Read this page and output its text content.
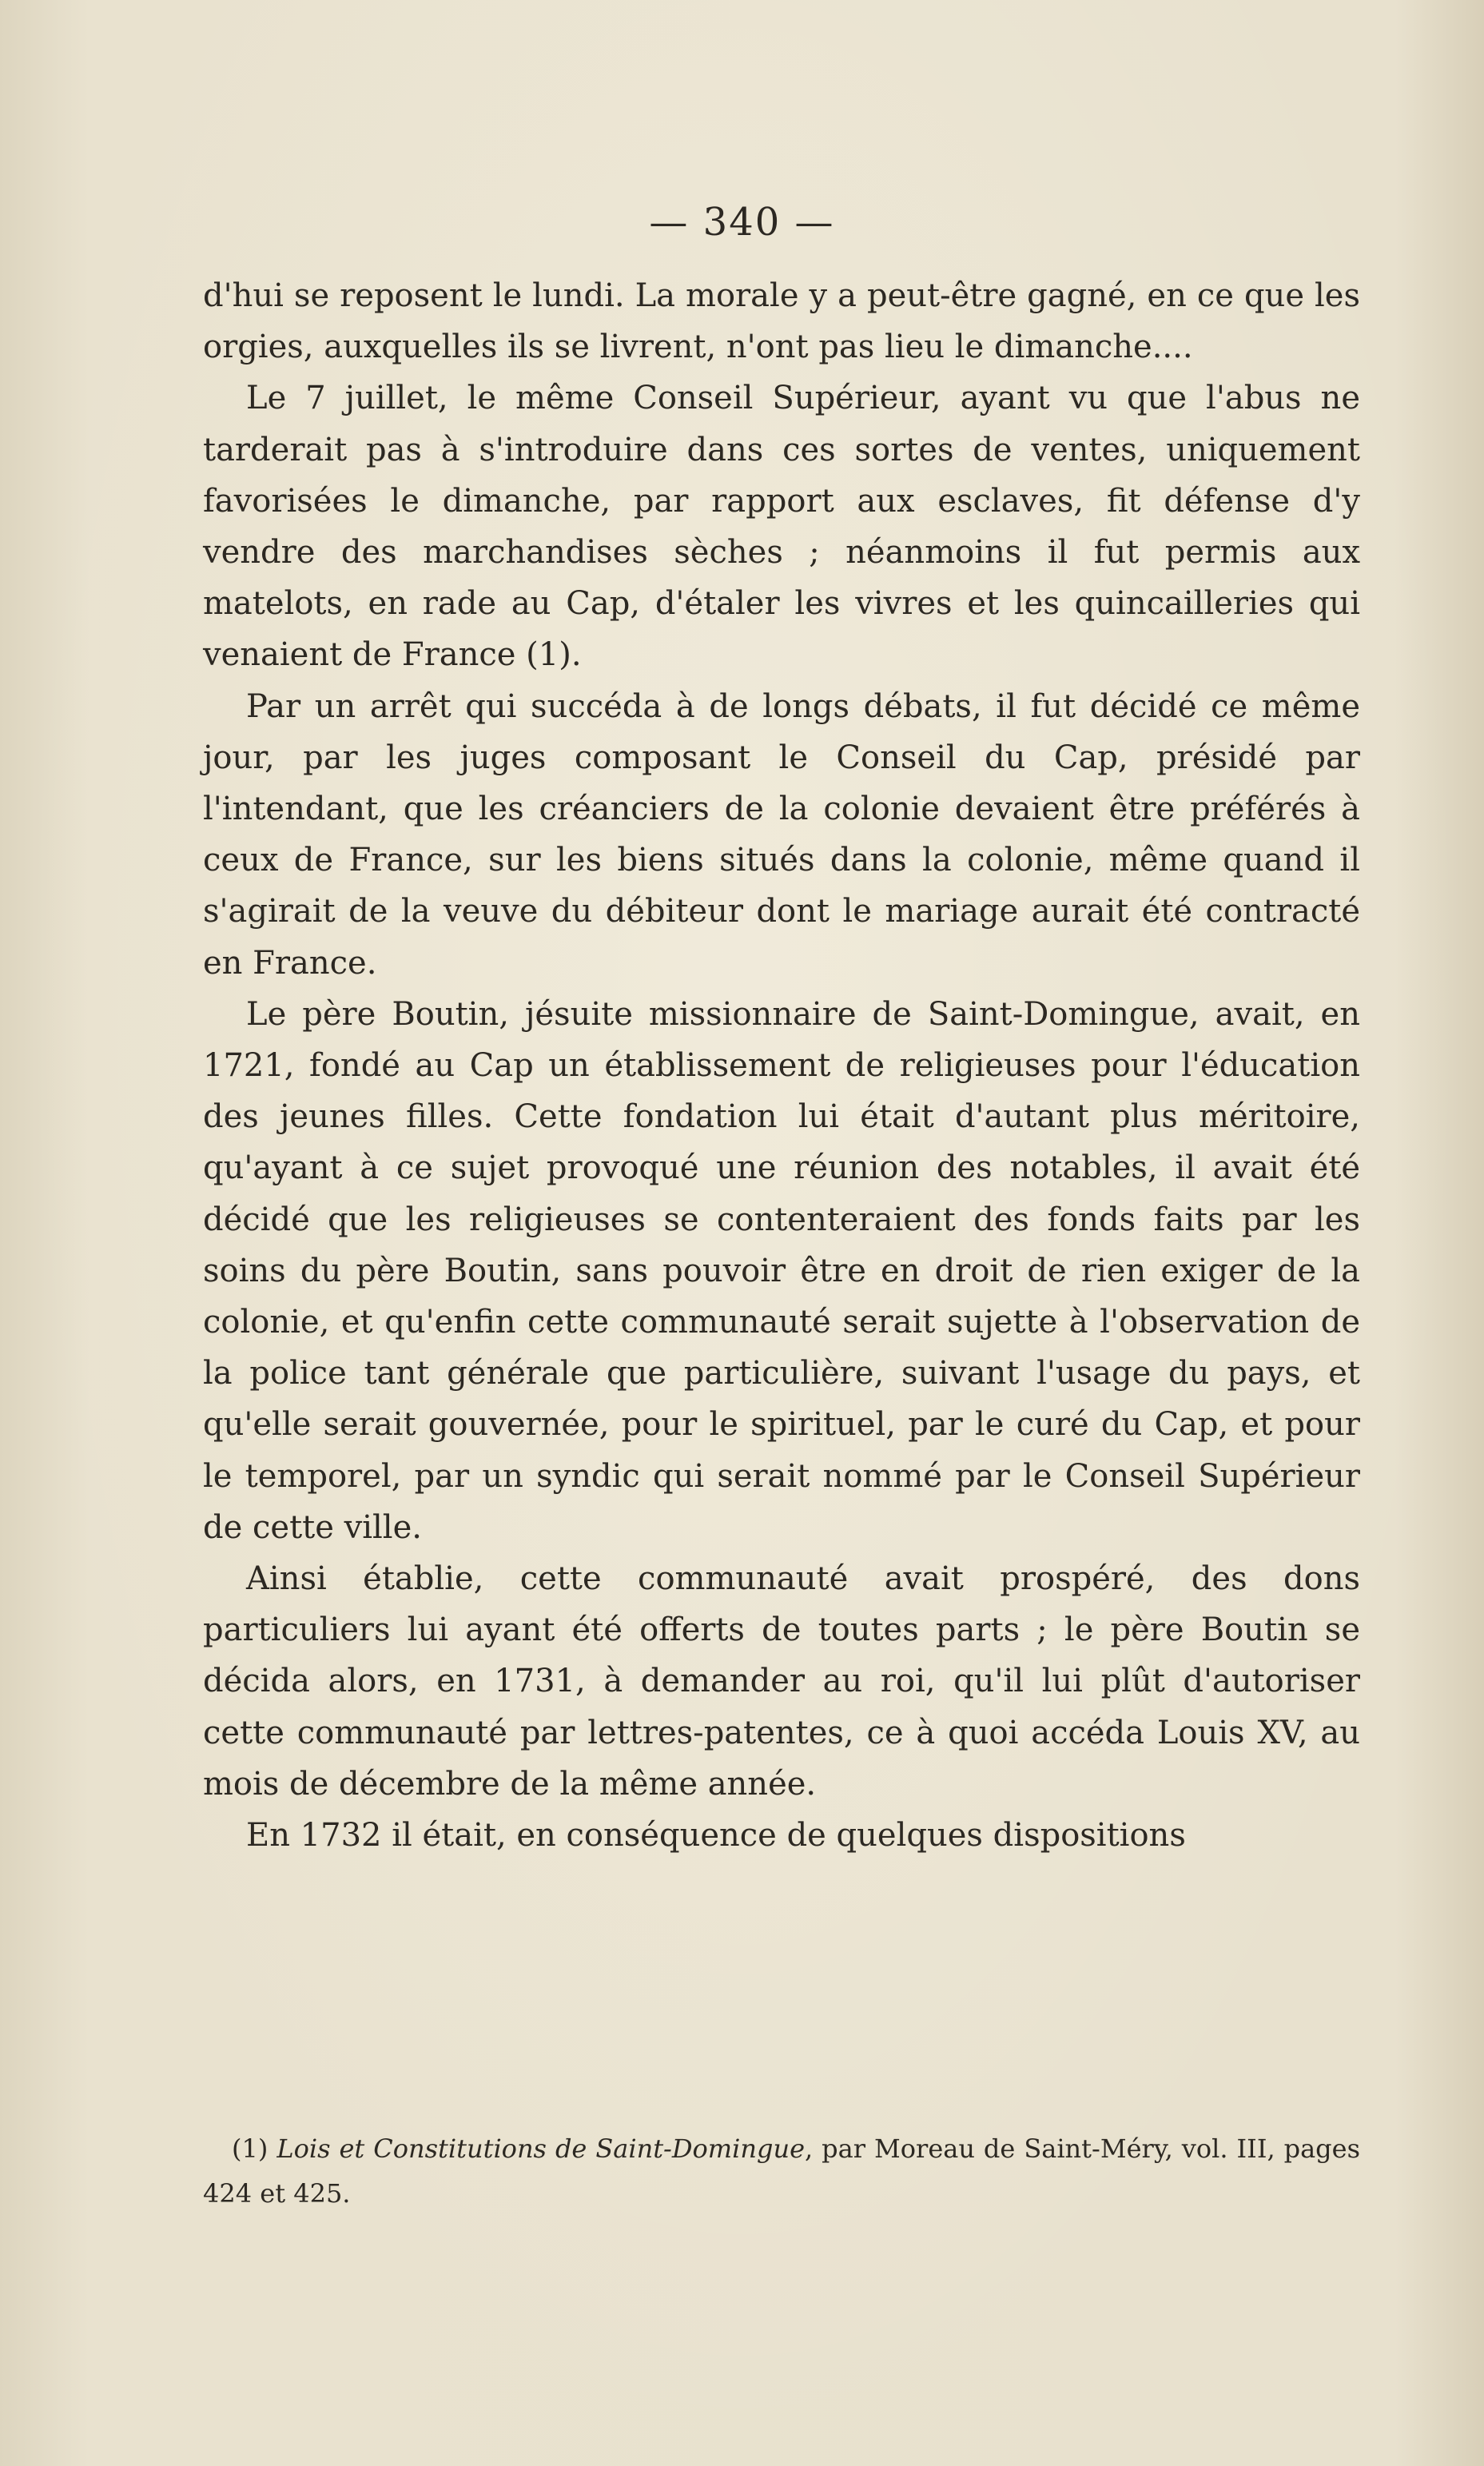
— 340 —

d'hui se reposent le lundi. La morale y a peut-être gagné, en ce que les orgies, auxquelles ils se livrent, n'ont pas lieu le dimanche....

Le 7 juillet, le même Conseil Supérieur, ayant vu que l'abus ne tarderait pas à s'introduire dans ces sortes de ventes, uniquement favorisées le dimanche, par rapport aux esclaves, fit défense d'y vendre des marchandises sèches ; néanmoins il fut permis aux matelots, en rade au Cap, d'étaler les vivres et les quincailleries qui venaient de France (1).

Par un arrêt qui succéda à de longs débats, il fut décidé ce même jour, par les juges composant le Conseil du Cap, présidé par l'intendant, que les créanciers de la colonie devaient être préférés à ceux de France, sur les biens situés dans la colonie, même quand il s'agirait de la veuve du débiteur dont le mariage aurait été contracté en France.

Le père Boutin, jésuite missionnaire de Saint-Domingue, avait, en 1721, fondé au Cap un établissement de religieuses pour l'éducation des jeunes filles. Cette fondation lui était d'autant plus méritoire, qu'ayant à ce sujet provoqué une réunion des notables, il avait été décidé que les religieuses se contenteraient des fonds faits par les soins du père Boutin, sans pouvoir être en droit de rien exiger de la colonie, et qu'enfin cette communauté serait sujette à l'observation de la police tant générale que particulière, suivant l'usage du pays, et qu'elle serait gouvernée, pour le spirituel, par le curé du Cap, et pour le temporel, par un syndic qui serait nommé par le Conseil Supérieur de cette ville.

Ainsi établie, cette communauté avait prospéré, des dons particuliers lui ayant été offerts de toutes parts ; le père Boutin se décida alors, en 1731, à demander au roi, qu'il lui plût d'autoriser cette communauté par lettres-patentes, ce à quoi accéda Louis XV, au mois de décembre de la même année.

En 1732 il était, en conséquence de quelques dispositions

(1) Lois et Constitutions de Saint-Domingue, par Moreau de Saint-Méry, vol. III, pages 424 et 425.
